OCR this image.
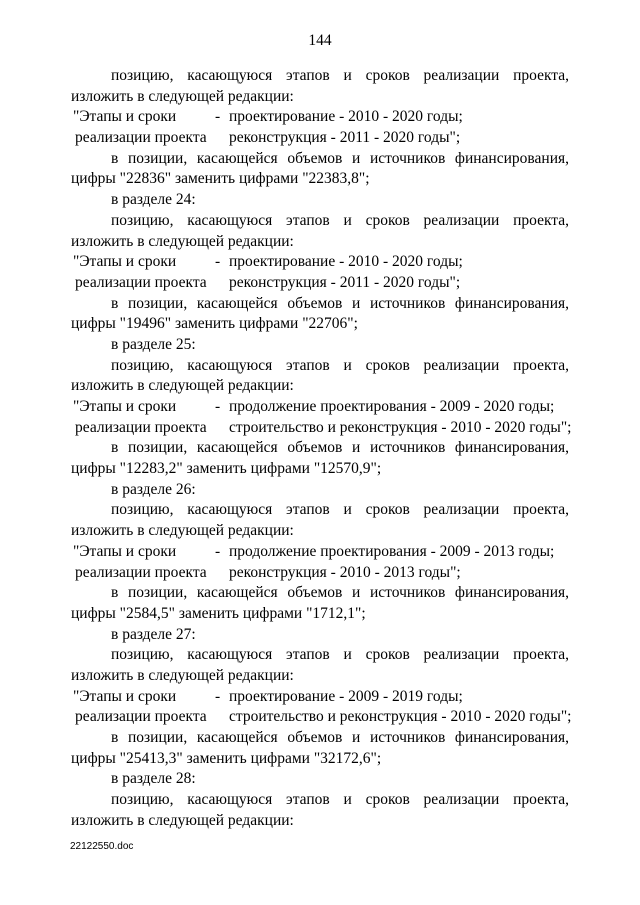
144
позицию, касающуюся этапов и сроков реализации проекта,
изложить в следующей редакции:
"Этапы и сроки	- проектирование - 2010 - 2020 годы;
реализации проекта реконструкция - 2011 - 2020 годы";
в позиции, касающейся объемов и источников финансирования,
цифры "22836" заменить цифрами "22383,8";
в разделе 24:
позицию, касающуюся этапов и сроков реализации проекта,
изложить в следующей редакции:
"Этапы и сроки	- проектирование - 2010 - 2020 годы;
реализации проекта реконструкция - 2011 - 2020 годы";
в позиции, касающейся объемов и источников финансирования,
цифры "19496" заменить цифрами "22706";
в разделе 25:
позицию, касающуюся этапов и сроков реализации проекта,
изложить в следующей редакции:
"Этапы и сроки	- продолжение проектирования - 2009 - 2020 годы;
реализации проекта строительство и реконструкция - 2010 - 2020 годы";
в позиции, касающейся объемов и источников финансирования,
цифры "12283,2" заменить цифрами "12570,9";
в разделе 26:
позицию, касающуюся этапов и сроков реализации проекта,
изложить в следующей редакции:
"Этапы и сроки	- продолжение проектирования - 2009 - 2013 годы;
реализации проекта реконструкция - 2010 - 2013 годы";
в позиции, касающейся объемов и источников финансирования,
цифры "2584,5" заменить цифрами "1712,1";
в разделе 27:
позицию, касающуюся этапов и сроков реализации проекта,
изложить в следующей редакции:
"Этапы и сроки	- проектирование - 2009 - 2019 годы;
реализации проекта строительство и реконструкция - 2010 - 2020 годы";
в позиции, касающейся объемов и источников финансирования,
цифры "25413,3" заменить цифрами "32172,6";
в разделе 28:
позицию, касающуюся этапов и сроков реализации проекта,
изложить в следующей редакции:
22122550.doc
